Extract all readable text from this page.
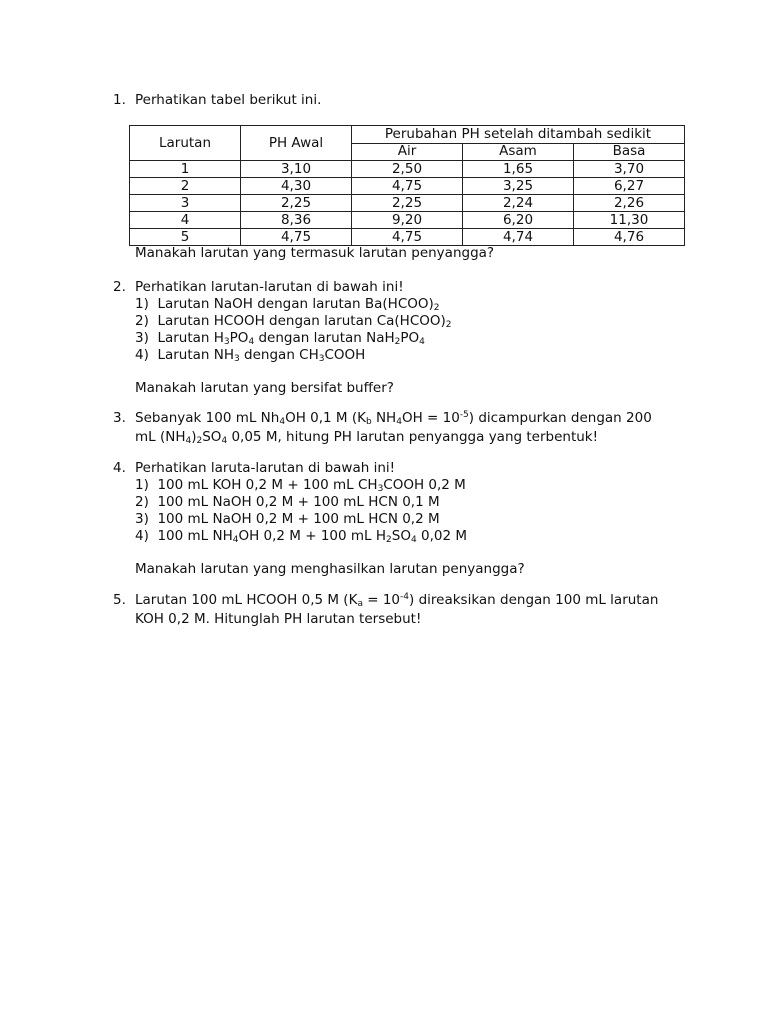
1. Perhatikan tabel berikut ini.
Larutan	PH Awal	Perubahan PH setelah ditambah sedikit		
		Air	Asam	Basa
1	3,10	2,50	1,65	3,70
2	4,30	4,75	3,25	6,27
3	2,25	2,25	2,24	2,26
4	8,36	9,20	6,20	11,30
5	4,75	4,75	4,74	4,76
Manakah larutan yang termasuk larutan penyangga?
2. Perhatikan larutan-larutan di bawah ini!
1) Larutan NaOH dengan larutan $Ba(HCOO)_2$
2) Larutan HCOOH dengan larutan $Ca(HCOO)_2$
3) Larutan $H_3PO_4$ dengan larutan $NaH_2PO_4$
4) Larutan $NH_3$ dengan $CH_3COOH$
Manakah larutan yang bersifat buffer?
3. Sebanyak 100 mL $Nh_4OH$ 0,1 M ($K_b$ $NH_4OH = 10^{-5}$) dicampurkan dengan 200
mL $(NH_4)_2SO_4$ 0,05 M, hitung PH larutan penyangga yang terbentuk!
4. Perhatikan laruta-larutan di bawah ini!
1) 100 mL KOH 0,2 M + 100 mL $CH_3COOH$ 0,2 M
2) 100 mL NaOH 0,2 M + 100 mL HCN 0,1 M
3) 100 mL NaOH 0,2 M + 100 mL HCN 0,2 M
4) 100 mL $NH_4OH$ 0,2 M + 100 mL $H_2SO_4$ 0,02 M
Manakah larutan yang menghasilkan larutan penyangga?
5. Larutan 100 mL HCOOH 0,5 M $(K_a = 10^{-4})$ direaksikan dengan 100 mL larutan
KOH 0,2 M. Hitunglah PH larutan tersebut!
